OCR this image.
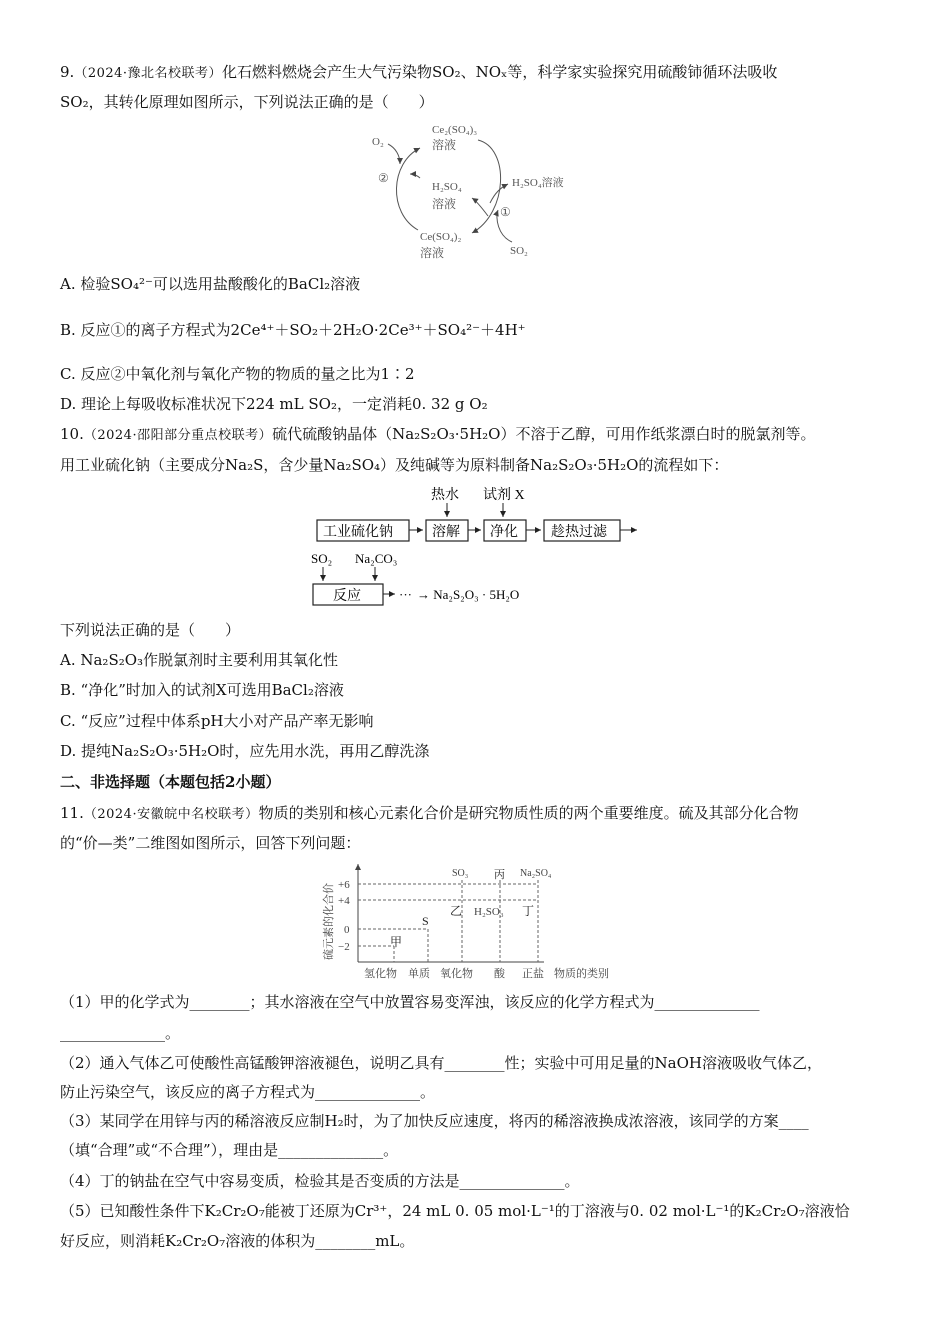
9.（2024·豫北名校联考）化石燃料燃烧会产生大气污染物SO₂、NOₓ等，科学家实验探究用硫酸铈循环法吸收
SO₂，其转化原理如图所示，下列说法正确的是（　　）
Ce₂(SO₄)₃
溶液
O₂
②
H₂SO₄
溶液
H₂SO₄溶液
①
Ce(SO₄)₂
溶液	SO₂
A. 检验SO₄²⁻可以选用盐酸酸化的BaCl₂溶液
B. 反应①的离子方程式为2Ce⁴⁺＋SO₂＋2H₂O·2Ce³⁺＋SO₄²⁻＋4H⁺
C. 反应②中氧化剂与氧化产物的物质的量之比为1∶2
D. 理论上每吸收标准状况下224 mL SO₂，一定消耗0. 32 g O₂
10.（2024·邵阳部分重点校联考）硫代硫酸钠晶体（Na₂S₂O₃·5H₂O）不溶于乙醇，可用作纸浆漂白时的脱氯剂等。
用工业硫化钠（主要成分Na₂S，含少量Na₂SO₄）及纯碱等为原料制备Na₂S₂O₃·5H₂O的流程如下：
热水 试剂 X
工业硫化钠	溶解 净化 趁热过滤
SO₂ Na₂CO₃
反应	··· → Na₂S₂O₃ · 5H₂O
下列说法正确的是（　　）
A. Na₂S₂O₃作脱氯剂时主要利用其氧化性
B. “净化”时加入的试剂X可选用BaCl₂溶液
C. “反应”过程中体系pH大小对产品产率无影响
D. 提纯Na₂S₂O₃·5H₂O时，应先用水洗，再用乙醇洗涤
二、非选择题（本题包括2小题）
11.（2024·安徽皖中名校联考）物质的类别和核心元素化合价是研究物质性质的两个重要维度。硫及其部分化合物
的“价—类”二维图如图所示，回答下列问题：
硫元素的化合价 +6
+4
0
−2
SO₃ 丙 Na₂SO₄
S
乙 H₂SO₃ 丁
甲
氢化物 单质 氧化物 酸 正盐 物质的类别
（1）甲的化学式为________；其水溶液在空气中放置容易变浑浊，该反应的化学方程式为______________
______________。
（2）通入气体乙可使酸性高锰酸钾溶液褪色，说明乙具有________性；实验中可用足量的NaOH溶液吸收气体乙，
防止污染空气，该反应的离子方程式为______________。
（3）某同学在用锌与丙的稀溶液反应制H₂时，为了加快反应速度，将丙的稀溶液换成浓溶液，该同学的方案____
（填“合理”或“不合理”），理由是______________。
（4）丁的钠盐在空气中容易变质，检验其是否变质的方法是______________。
（5）已知酸性条件下K₂Cr₂O₇能被丁还原为Cr³⁺，24 mL 0. 05 mol·L⁻¹的丁溶液与0. 02 mol·L⁻¹的K₂Cr₂O₇溶液恰
好反应，则消耗K₂Cr₂O₇溶液的体积为________mL。
